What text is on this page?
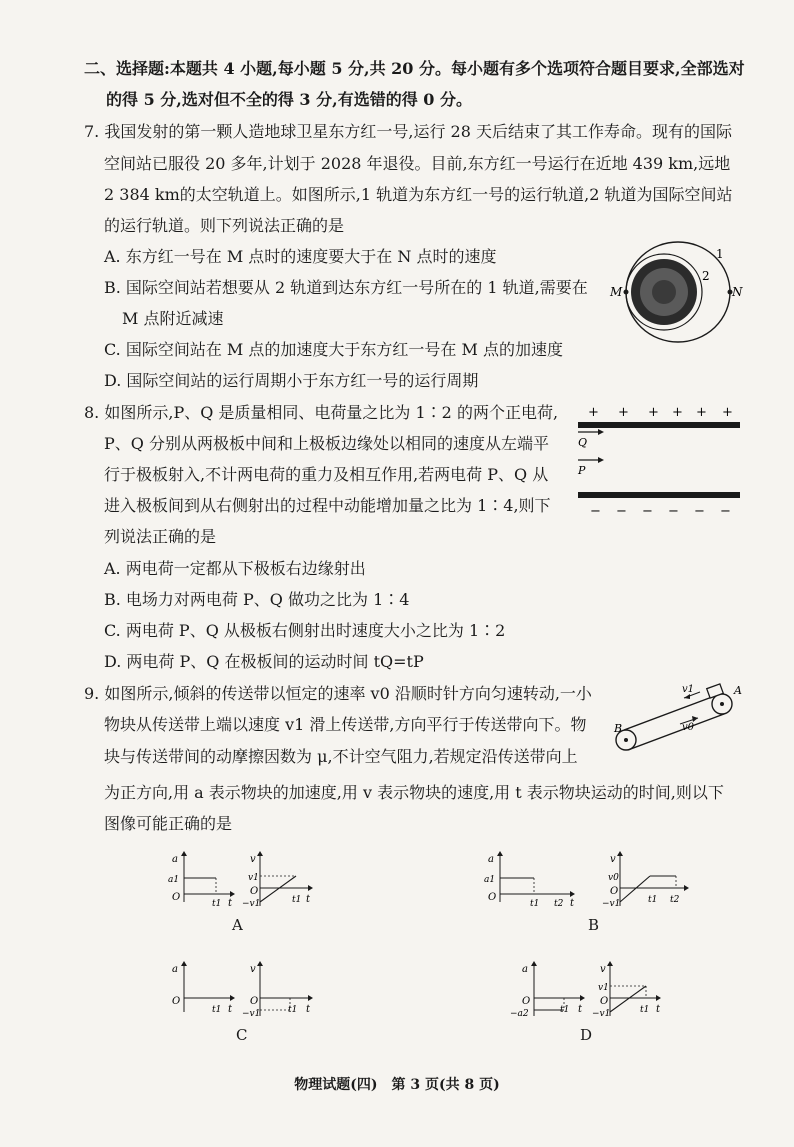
二、选择题:本题共 4 小题,每小题 5 分,共 20 分。每小题有多个选项符合题目要求,全部选对
的得 5 分,选对但不全的得 3 分,有选错的得 0 分。
7. 我国发射的第一颗人造地球卫星东方红一号,运行 28 天后结束了其工作寿命。现有的国际
空间站已服役 20 多年,计划于 2028 年退役。目前,东方红一号运行在近地 439 km,远地
2 384 km的太空轨道上。如图所示,1 轨道为东方红一号的运行轨道,2 轨道为国际空间站
的运行轨道。则下列说法正确的是
A. 东方红一号在 M 点时的速度要大于在 N 点时的速度
B. 国际空间站若想要从 2 轨道到达东方红一号所在的 1 轨道,需要在
M 点附近减速
C. 国际空间站在 M 点的加速度大于东方红一号在 M 点的加速度
D. 国际空间站的运行周期小于东方红一号的运行周期
1
2
M	N
8. 如图所示,P、Q 是质量相同、电荷量之比为 1∶2 的两个正电荷,
P、Q 分别从两极板中间和上极板边缘处以相同的速度从左端平
行于极板射入,不计两电荷的重力及相互作用,若两电荷 P、Q 从
进入极板间到从右侧射出的过程中动能增加量之比为 1∶4,则下
列说法正确的是
A. 两电荷一定都从下极板右边缘射出
B. 电场力对两电荷 P、Q 做功之比为 1∶4
C. 两电荷 P、Q 从极板右侧射出时速度大小之比为 1∶2
D. 两电荷 P、Q 在极板间的运动时间 tQ=tP
+ + + + + +
− − − − − −
Q
P
9. 如图所示,倾斜的传送带以恒定的速率 v0 沿顺时针方向匀速转动,一小
物块从传送带上端以速度 v1 滑上传送带,方向平行于传送带向下。物
块与传送带间的动摩擦因数为 μ,不计空气阻力,若规定沿传送带向上
为正方向,用 a 表示物块的加速度,用 v 表示物块的速度,用 t 表示物块运动的时间,则以下
图像可能正确的是
v1
v0
A
B
a
a1
O
t1 t
v
v1
O
−v1	t1 t
A
a
a1
O
t1 t2 t
v
v0
O
−v1	t1 t2
B
a
O
t1 t
v
O
−v1	t1 t
C
a
O
−a2	t1 t
v
v1
O
−v1	t1 t
D
物理试题(四)　第 3 页(共 8 页)
